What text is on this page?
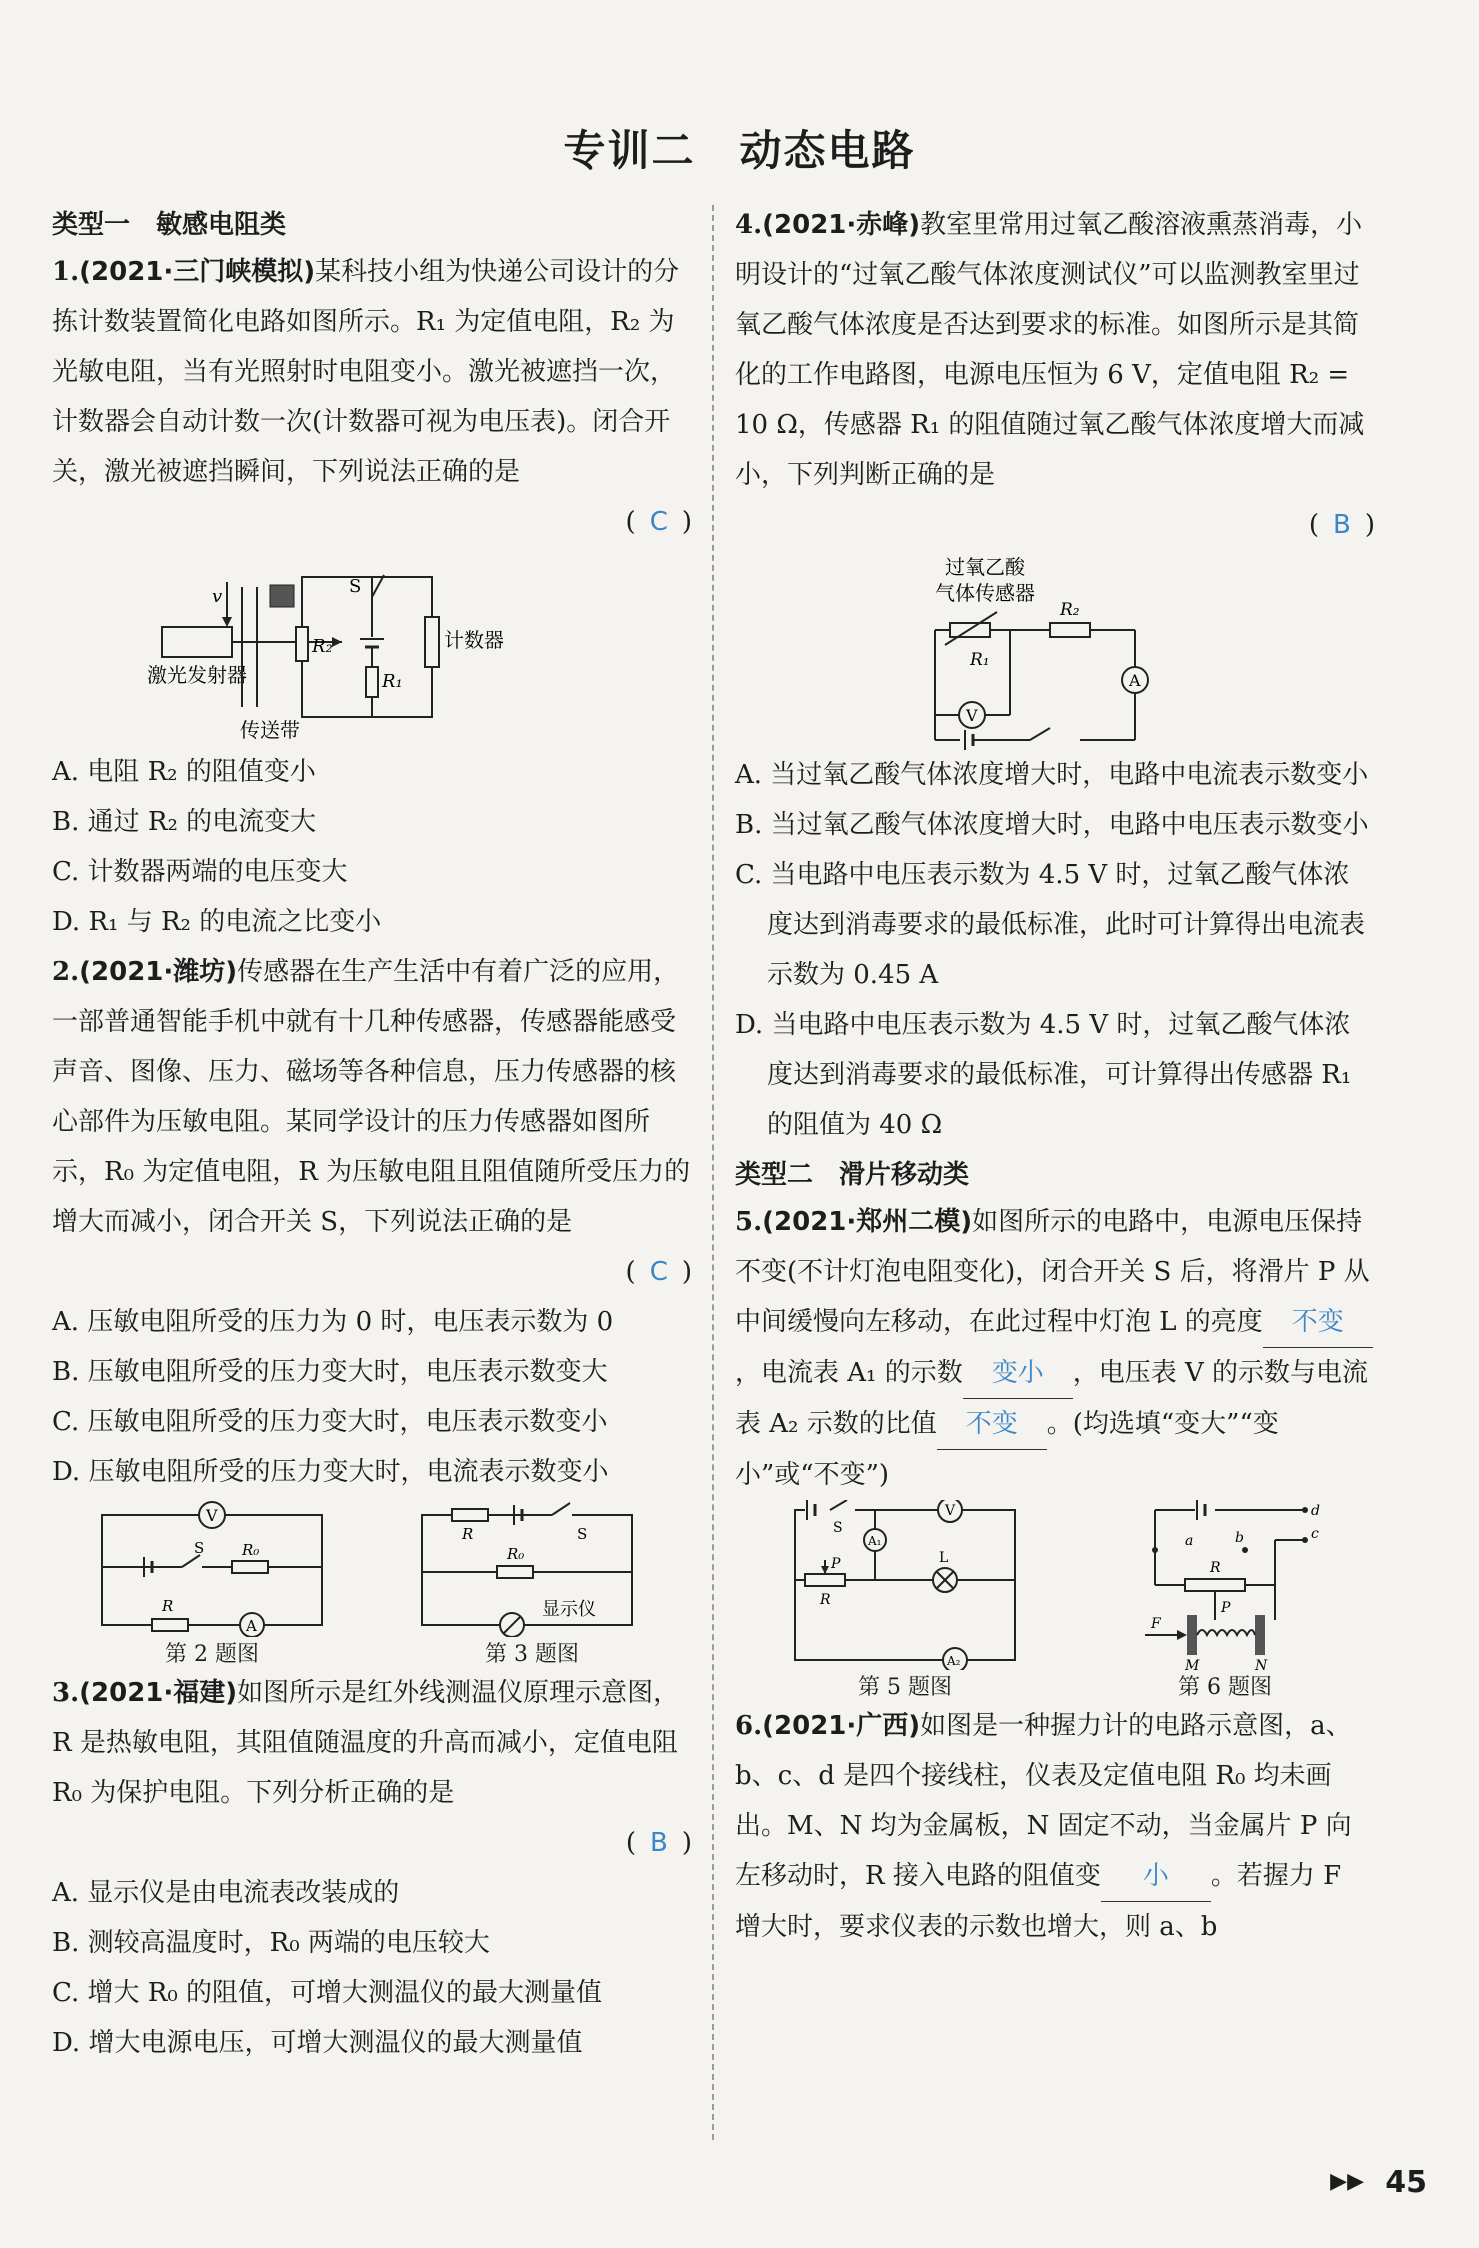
专训二　动态电路
类型一　敏感电阻类
1.(2021·三门峡模拟)某科技小组为快递公司设计的分拣计数装置简化电路如图所示。R₁ 为定值电阻，R₂ 为光敏电阻，当有光照射时电阻变小。激光被遮挡一次，计数器会自动计数一次(计数器可视为电压表)。闭合开关，激光被遮挡瞬间，下列说法正确的是
( C )
激光发射器
v
传送带
R₂
S
R₁
计数器
A. 电阻 R₂ 的阻值变小
B. 通过 R₂ 的电流变大
C. 计数器两端的电压变大
D. R₁ 与 R₂ 的电流之比变小
2.(2021·潍坊)传感器在生产生活中有着广泛的应用，一部普通智能手机中就有十几种传感器，传感器能感受声音、图像、压力、磁场等各种信息，压力传感器的核心部件为压敏电阻。某同学设计的压力传感器如图所示，R₀ 为定值电阻，R 为压敏电阻且阻值随所受压力的增大而减小，闭合开关 S，下列说法正确的是
( C )
A. 压敏电阻所受的压力为 0 时，电压表示数为 0
B. 压敏电阻所受的压力变大时，电压表示数变大
C. 压敏电阻所受的压力变大时，电压表示数变小
D. 压敏电阻所受的压力变大时，电流表示数变小
V
S	R₀
R
A
第 2 题图
R	S
R₀
显示仪
第 3 题图
3.(2021·福建)如图所示是红外线测温仪原理示意图，R 是热敏电阻，其阻值随温度的升高而减小，定值电阻 R₀ 为保护电阻。下列分析正确的是
( B )
A. 显示仪是由电流表改装成的
B. 测较高温度时，R₀ 两端的电压较大
C. 增大 R₀ 的阻值，可增大测温仪的最大测量值
D. 增大电源电压，可增大测温仪的最大测量值
4.(2021·赤峰)教室里常用过氧乙酸溶液熏蒸消毒，小明设计的“过氧乙酸气体浓度测试仪”可以监测教室里过氧乙酸气体浓度是否达到要求的标准。如图所示是其简化的工作电路图，电源电压恒为 6 V，定值电阻 R₂ = 10 Ω，传感器 R₁ 的阻值随过氧乙酸气体浓度增大而减小，下列判断正确的是
( B )
过氧乙酸
气体传感器
R₁
R₂
A
V
A. 当过氧乙酸气体浓度增大时，电路中电流表示数变小
B. 当过氧乙酸气体浓度增大时，电路中电压表示数变小
C. 当电路中电压表示数为 4.5 V 时，过氧乙酸气体浓度达到消毒要求的最低标准，此时可计算得出电流表示数为 0.45 A
D. 当电路中电压表示数为 4.5 V 时，过氧乙酸气体浓度达到消毒要求的最低标准，可计算得出传感器 R₁ 的阻值为 40 Ω
类型二　滑片移动类
5.(2021·郑州二模)如图所示的电路中，电源电压保持不变(不计灯泡电阻变化)，闭合开关 S 后，将滑片 P 从中间缓慢向左移动，在此过程中灯泡 L 的亮度 不变，电流表 A₁ 的示数 变小 ，电压表 V 的示数与电流表 A₂ 示数的比值 不变 。(均选填“变大”“变小”或“不变”)
S
V
A₁
P
R
L
A₂
第 5 题图
d
c
a	b
R
P
F
M	N
第 6 题图
6.(2021·广西)如图是一种握力计的电路示意图，a、b、c、d 是四个接线柱，仪表及定值电阻 R₀ 均未画出。M、N 均为金属板，N 固定不动，当金属片 P 向左移动时，R 接入电路的阻值变 小 。若握力 F 增大时，要求仪表的示数也增大，则 a、b
▶▶ 45
